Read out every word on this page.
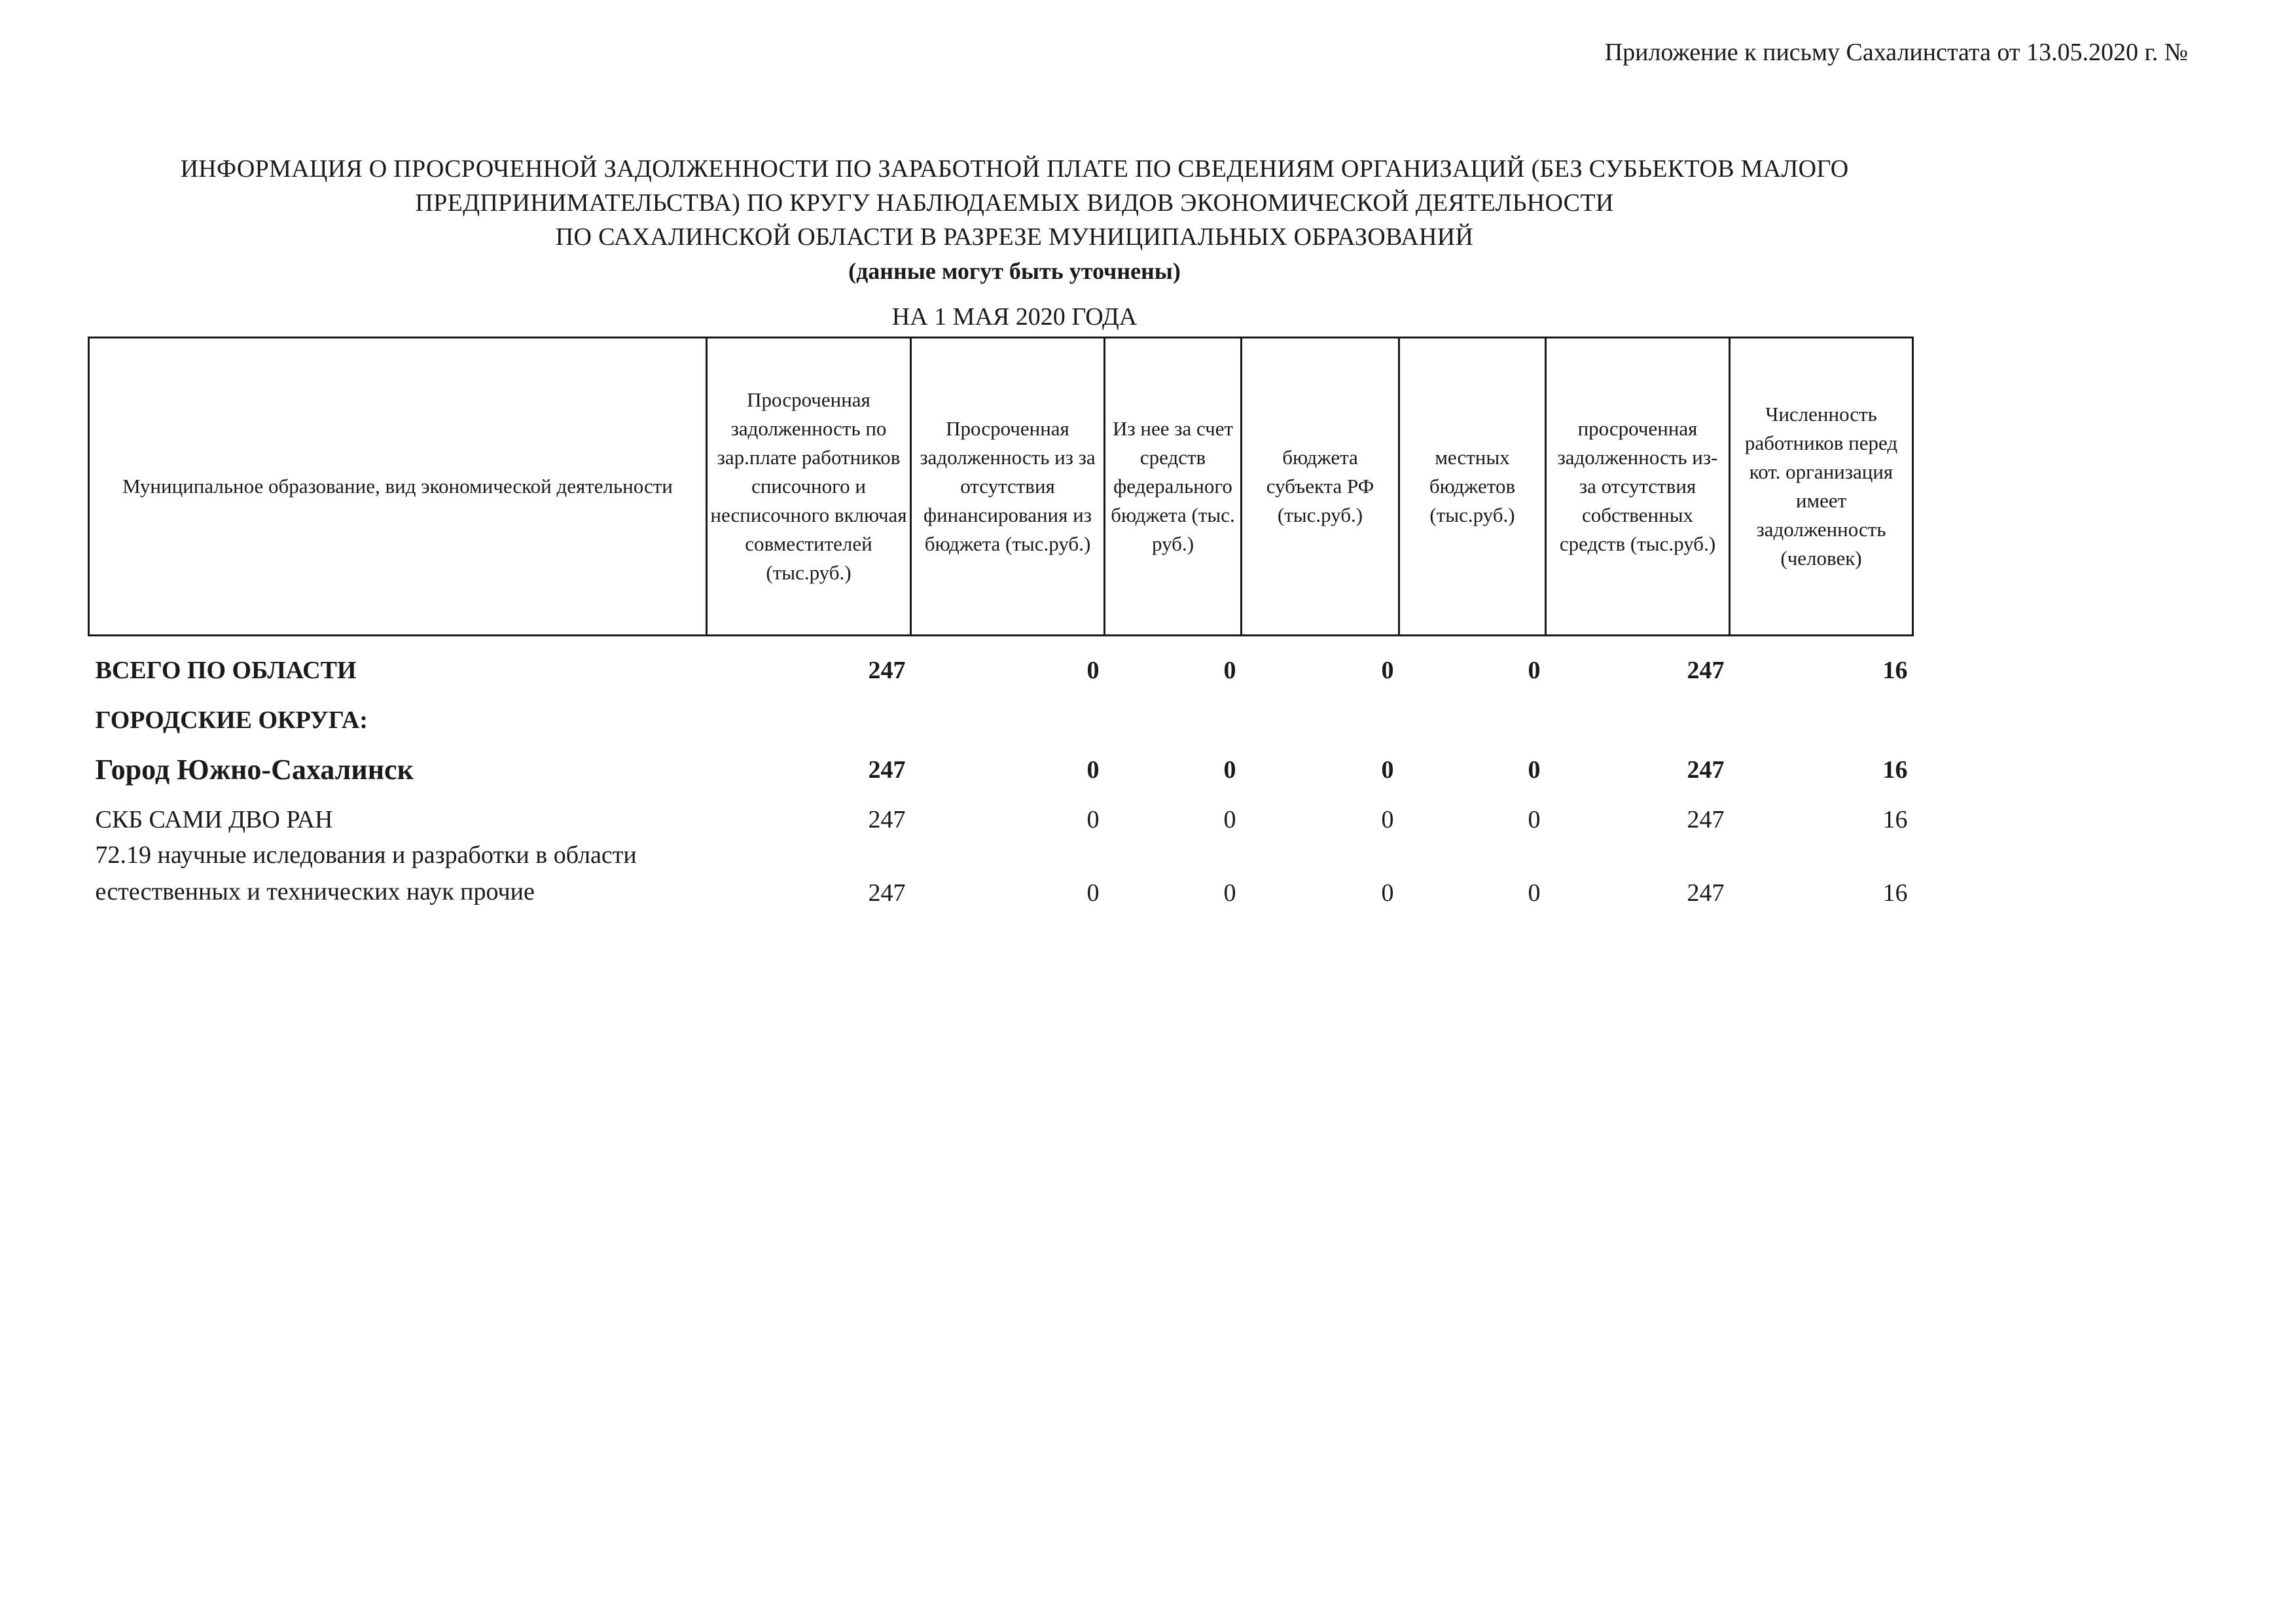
Приложение к письму Сахалинстата от 13.05.2020 г. №
ИНФОРМАЦИЯ О ПРОСРОЧЕННОЙ ЗАДОЛЖЕННОСТИ ПО ЗАРАБОТНОЙ ПЛАТЕ ПО СВЕДЕНИЯМ ОРГАНИЗАЦИЙ (БЕЗ СУБЬЕКТОВ МАЛОГО
ПРЕДПРИНИМАТЕЛЬСТВА) ПО КРУГУ НАБЛЮДАЕМЫХ ВИДОВ ЭКОНОМИЧЕСКОЙ ДЕЯТЕЛЬНОСТИ
ПО САХАЛИНСКОЙ ОБЛАСТИ В РАЗРЕЗЕ МУНИЦИПАЛЬНЫХ ОБРАЗОВАНИЙ
(данные могут быть уточнены)
НА 1 МАЯ 2020 ГОДА
Муниципальное образование, вид экономической деятельности	Просроченная задолженность по зар.плате работников списочного и несписочного включая совместителей (тыс.руб.)	Просроченная задолженность из за отсутствия финансирования из бюджета (тыс.руб.)	Из нее за счет средств федерального бюджета (тыс. руб.)	бюджета субъекта РФ (тыс.руб.)	местных бюджетов (тыс.руб.)	просроченная задолженность из-за отсутствия собственных средств (тыс.руб.)	Численность работников перед кот. организация имеет задолженность (человек)
ВСЕГО ПО ОБЛАСТИ	247	0	0	0	0	247	16
ГОРОДСКИЕ ОКРУГА:							
Город Южно-Сахалинск	247	0	0	0	0	247	16
СКБ САМИ ДВО РАН	247	0	0	0	0	247	16

72.19 научные иследования и разработки в области
естественных и технических наук прочие	247	0	0	0	0	247	16
